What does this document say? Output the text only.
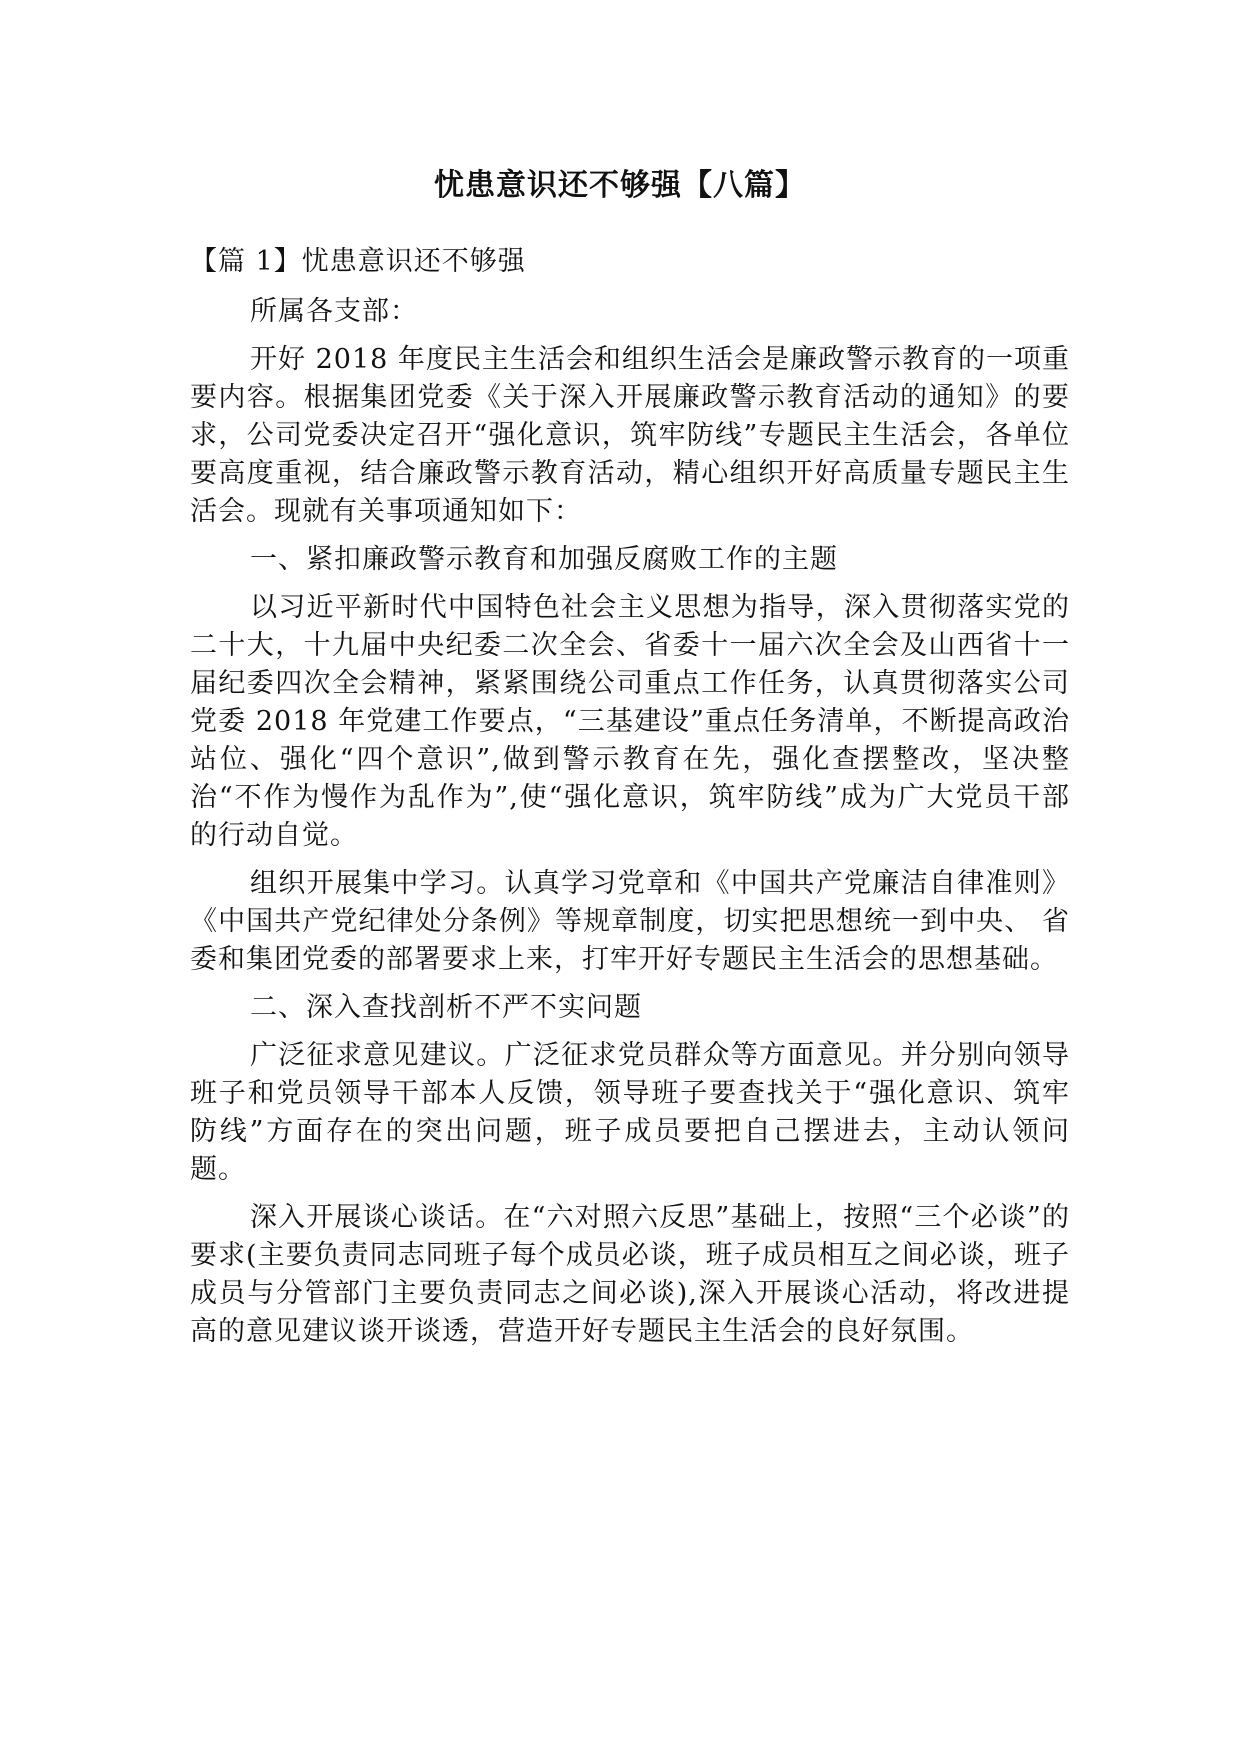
忧患意识还不够强【八篇】

【篇 1】忧患意识还不够强

所属各支部：

开好 2018 年度民主生活会和组织生活会是廉政警示教育的一项重要内容。根据集团党委《关于深入开展廉政警示教育活动的通知》的要求，公司党委决定召开“强化意识，筑牢防线”专题民主生活会，各单位要高度重视，结合廉政警示教育活动，精心组织开好高质量专题民主生活会。现就有关事项通知如下：

一、紧扣廉政警示教育和加强反腐败工作的主题

以习近平新时代中国特色社会主义思想为指导，深入贯彻落实党的二十大，十九届中央纪委二次全会、省委十一届六次全会及山西省十一届纪委四次全会精神，紧紧围绕公司重点工作任务，认真贯彻落实公司党委 2018 年党建工作要点，“三基建设”重点任务清单，不断提高政治站位、强化“四个意识”,做到警示教育在先，强化查摆整改，坚决整治“不作为慢作为乱作为”,使“强化意识，筑牢防线”成为广大党员干部的行动自觉。

组织开展集中学习。认真学习党章和《中国共产党廉洁自律准则》 《中国共产党纪律处分条例》等规章制度，切实把思想统一到中央、 省委和集团党委的部署要求上来，打牢开好专题民主生活会的思想基础。

二、深入查找剖析不严不实问题

广泛征求意见建议。广泛征求党员群众等方面意见。并分别向领导班子和党员领导干部本人反馈，领导班子要查找关于“强化意识、筑牢防线”方面存在的突出问题，班子成员要把自己摆进去，主动认领问题。

深入开展谈心谈话。在“六对照六反思”基础上，按照“三个必谈”的要求(主要负责同志同班子每个成员必谈，班子成员相互之间必谈，班子成员与分管部门主要负责同志之间必谈),深入开展谈心活动，将改进提高的意见建议谈开谈透，营造开好专题民主生活会的良好氛围。
